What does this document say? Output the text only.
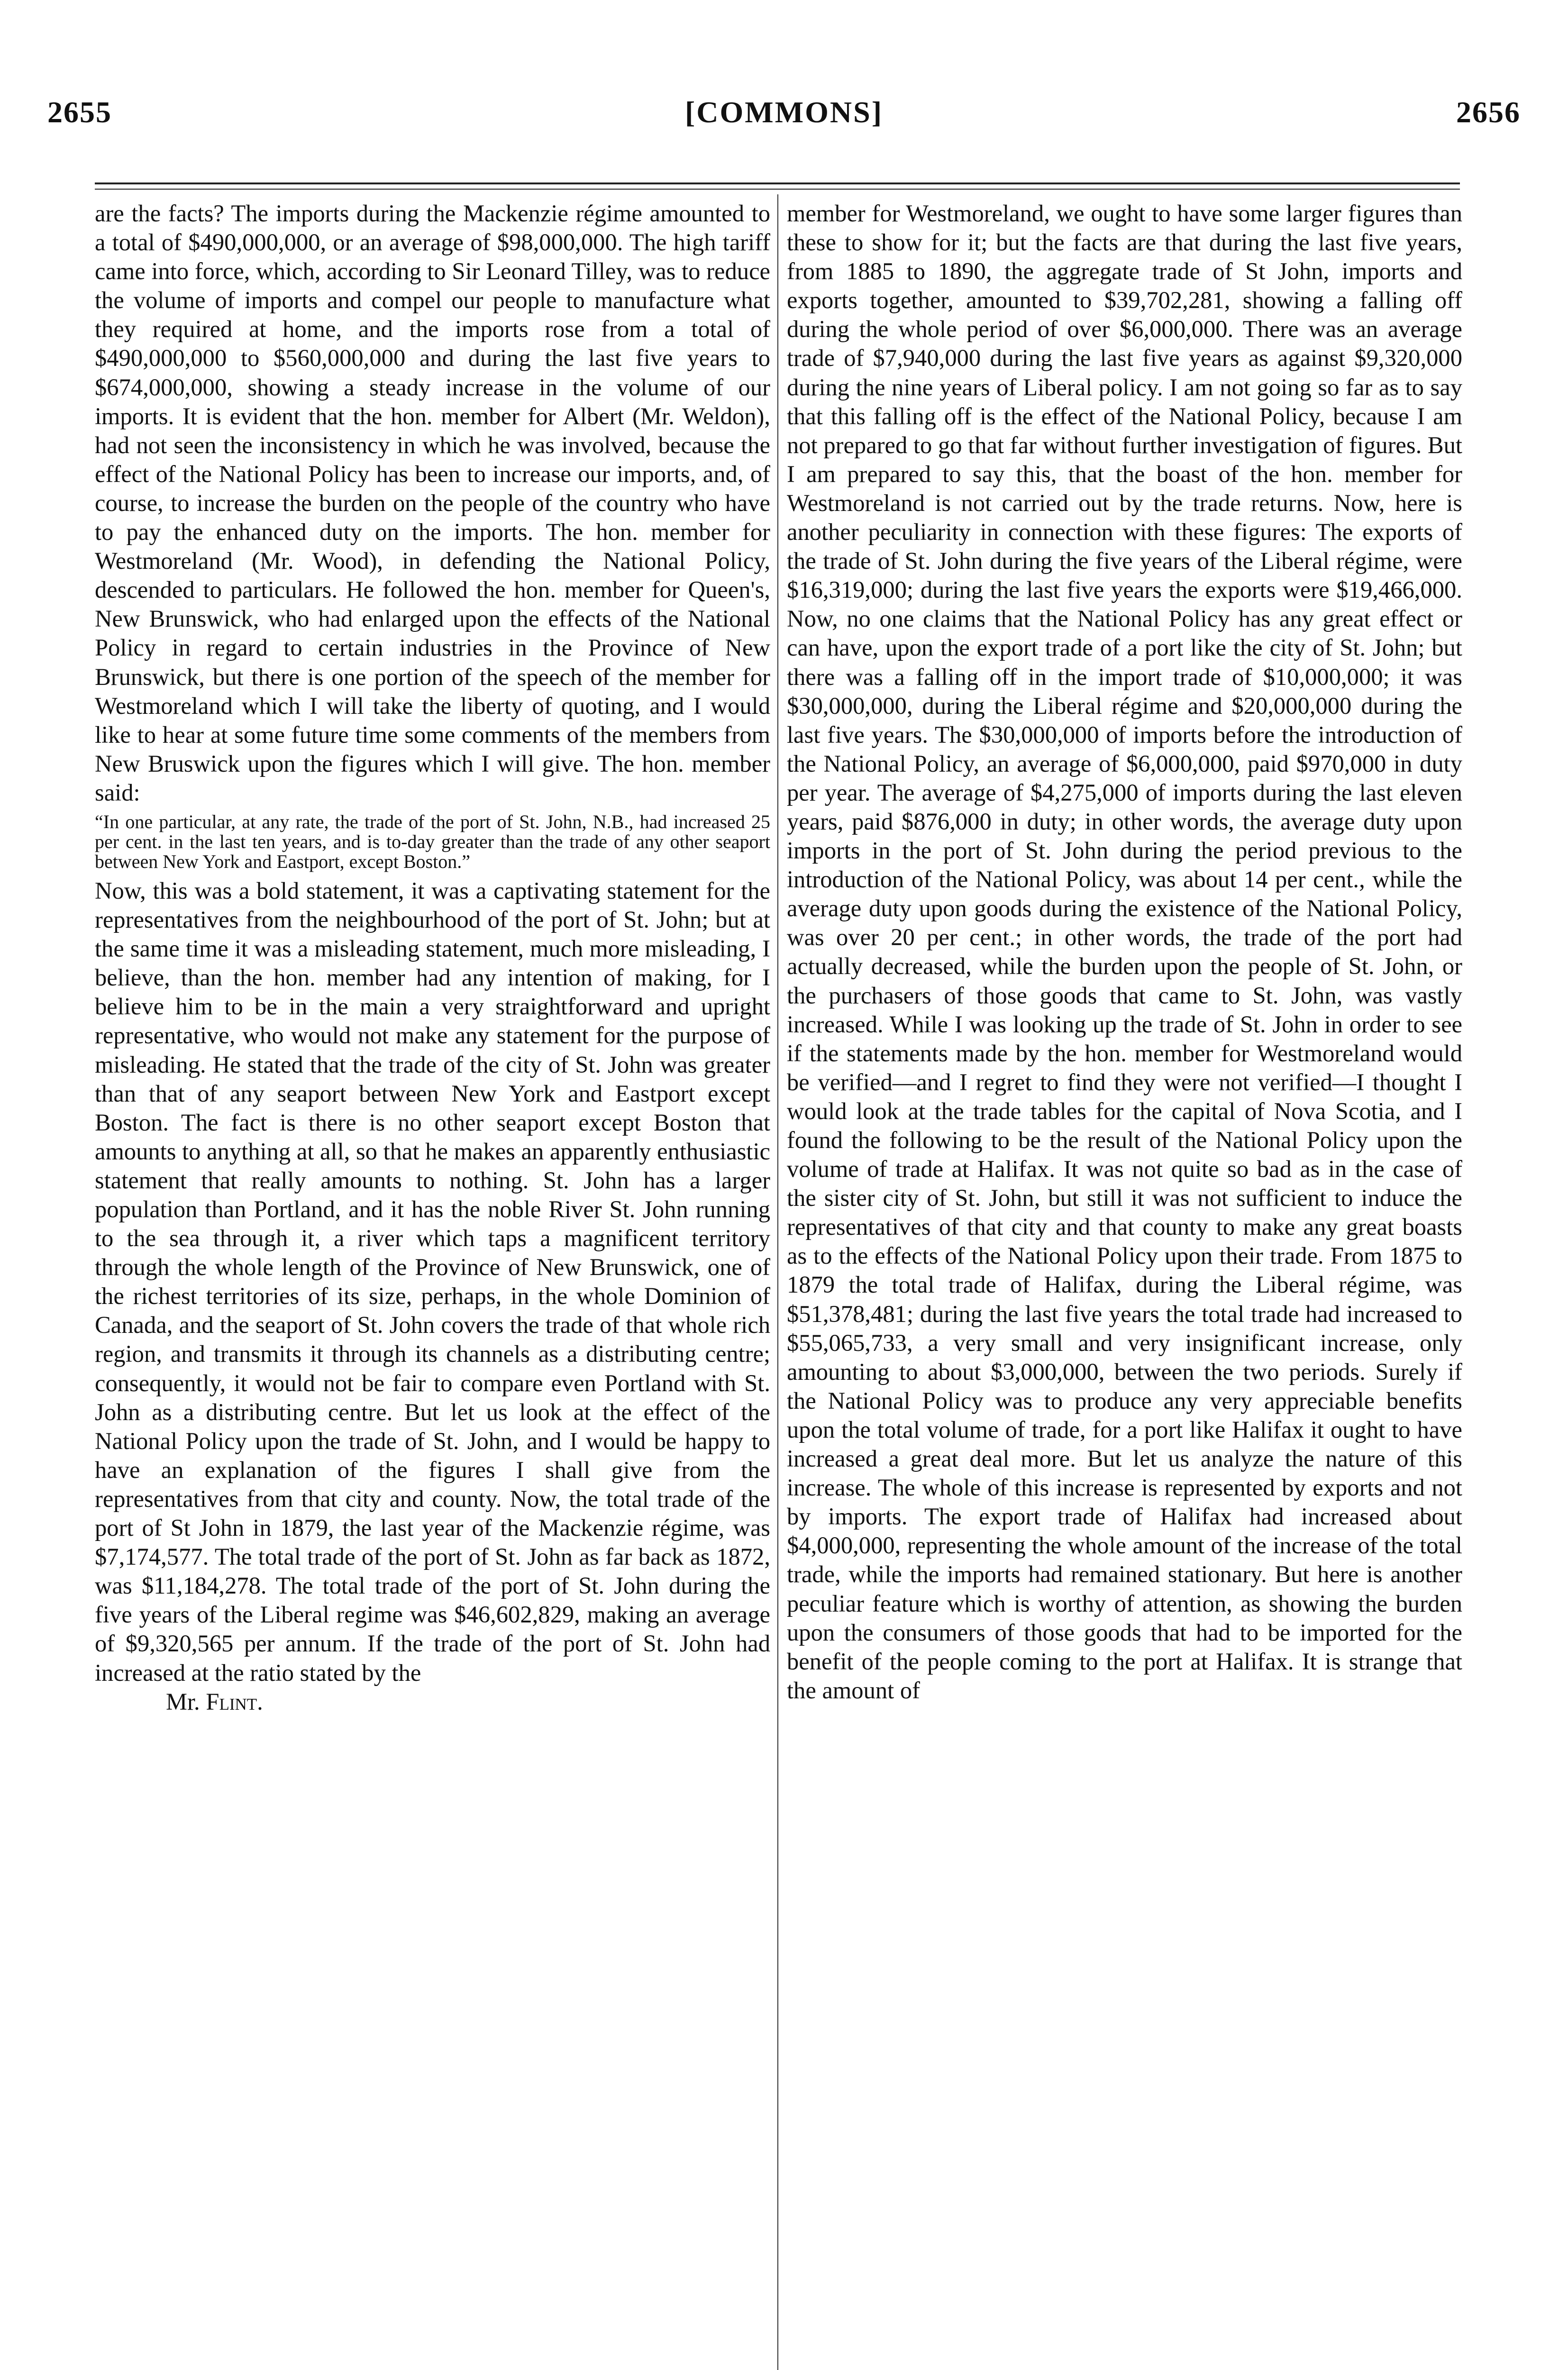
2655	[COMMONS]	2656

are the facts? The imports during the Mackenzie régime amounted to a total of $490,000,000, or an average of $98,000,000. The high tariff came into force, which, according to Sir Leonard Tilley, was to reduce the volume of imports and compel our people to manufacture what they required at home, and the imports rose from a total of $490,000,000 to $560,000,000 and during the last five years to $674,000,000, showing a steady increase in the volume of our imports. It is evident that the hon. member for Albert (Mr. Weldon), had not seen the inconsistency in which he was involved, because the effect of the National Policy has been to increase our imports, and, of course, to increase the burden on the people of the country who have to pay the enhanced duty on the imports. The hon. member for Westmoreland (Mr. Wood), in defending the National Policy, descended to particulars. He followed the hon. member for Queen's, New Brunswick, who had enlarged upon the effects of the National Policy in regard to certain industries in the Province of New Brunswick, but there is one portion of the speech of the member for Westmoreland which I will take the liberty of quoting, and I would like to hear at some future time some comments of the members from New Bruswick upon the figures which I will give. The hon. member said:

“In one particular, at any rate, the trade of the port of St. John, N.B., had increased 25 per cent. in the last ten years, and is to-day greater than the trade of any other seaport between New York and Eastport, except Boston.”

Now, this was a bold statement, it was a captivating statement for the representatives from the neighbourhood of the port of St. John; but at the same time it was a misleading statement, much more misleading, I believe, than the hon. member had any intention of making, for I believe him to be in the main a very straightforward and upright representative, who would not make any statement for the purpose of misleading. He stated that the trade of the city of St. John was greater than that of any seaport between New York and Eastport except Boston. The fact is there is no other seaport except Boston that amounts to anything at all, so that he makes an apparently enthusiastic statement that really amounts to nothing. St. John has a larger population than Portland, and it has the noble River St. John running to the sea through it, a river which taps a magnificent territory through the whole length of the Province of New Brunswick, one of the richest territories of its size, perhaps, in the whole Dominion of Canada, and the seaport of St. John covers the trade of that whole rich region, and transmits it through its channels as a distributing centre; consequently, it would not be fair to compare even Portland with St. John as a distributing centre. But let us look at the effect of the National Policy upon the trade of St. John, and I would be happy to have an explanation of the figures I shall give from the representatives from that city and county. Now, the total trade of the port of St John in 1879, the last year of the Mackenzie régime, was $7,174,577. The total trade of the port of St. John as far back as 1872, was $11,184,278. The total trade of the port of St. John during the five years of the Liberal regime was $46,602,829, making an average of $9,320,565 per annum. If the trade of the port of St. John had increased at the ratio stated by the

Mr. Flint.

member for Westmoreland, we ought to have some larger figures than these to show for it; but the facts are that during the last five years, from 1885 to 1890, the aggregate trade of St John, imports and exports together, amounted to $39,702,281, showing a falling off during the whole period of over $6,000,000. There was an average trade of $7,940,000 during the last five years as against $9,320,000 during the nine years of Liberal policy. I am not going so far as to say that this falling off is the effect of the National Policy, because I am not prepared to go that far without further investigation of figures. But I am prepared to say this, that the boast of the hon. member for Westmoreland is not carried out by the trade returns. Now, here is another peculiarity in connection with these figures: The exports of the trade of St. John during the five years of the Liberal régime, were $16,319,000; during the last five years the exports were $19,466,000. Now, no one claims that the National Policy has any great effect or can have, upon the export trade of a port like the city of St. John; but there was a falling off in the import trade of $10,000,000; it was $30,000,000, during the Liberal régime and $20,000,000 during the last five years. The $30,000,000 of imports before the introduction of the National Policy, an average of $6,000,000, paid $970,000 in duty per year. The average of $4,275,000 of imports during the last eleven years, paid $876,000 in duty; in other words, the average duty upon imports in the port of St. John during the period previous to the introduction of the National Policy, was about 14 per cent., while the average duty upon goods during the existence of the National Policy, was over 20 per cent.; in other words, the trade of the port had actually decreased, while the burden upon the people of St. John, or the purchasers of those goods that came to St. John, was vastly increased. While I was looking up the trade of St. John in order to see if the statements made by the hon. member for Westmoreland would be verified—and I regret to find they were not verified—I thought I would look at the trade tables for the capital of Nova Scotia, and I found the following to be the result of the National Policy upon the volume of trade at Halifax. It was not quite so bad as in the case of the sister city of St. John, but still it was not sufficient to induce the representatives of that city and that county to make any great boasts as to the effects of the National Policy upon their trade. From 1875 to 1879 the total trade of Halifax, during the Liberal régime, was $51,378,481; during the last five years the total trade had increased to $55,065,733, a very small and very insignificant increase, only amounting to about $3,000,000, between the two periods. Surely if the National Policy was to produce any very appreciable benefits upon the total volume of trade, for a port like Halifax it ought to have increased a great deal more. But let us analyze the nature of this increase. The whole of this increase is represented by exports and not by imports. The export trade of Halifax had increased about $4,000,000, representing the whole amount of the increase of the total trade, while the imports had remained stationary. But here is another peculiar feature which is worthy of attention, as showing the burden upon the consumers of those goods that had to be imported for the benefit of the people coming to the port at Halifax. It is strange that the amount of
